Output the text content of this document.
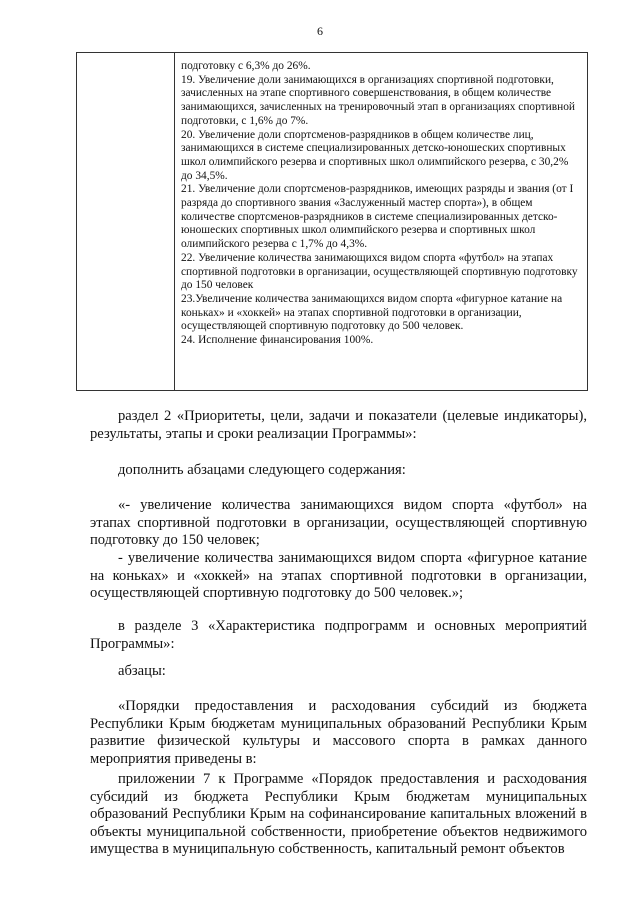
6
подготовку с 6,3% до 26%.
19. Увеличение доли занимающихся в организациях спортивной подготовки, зачисленных на этапе спортивного совершенствования, в общем количестве занимающихся, зачисленных на тренировочный этап в организациях спортивной подготовки, с 1,6% до 7%.
20. Увеличение доли спортсменов-разрядников в общем количестве лиц, занимающихся в системе специализированных детско-юношеских спортивных школ олимпийского резерва и спортивных школ олимпийского резерва, с 30,2% до 34,5%.
21. Увеличение доли спортсменов-разрядников, имеющих разряды и звания (от I разряда до спортивного звания «Заслуженный мастер спорта»), в общем количестве спортсменов-разрядников в системе специализированных детско-юношеских спортивных школ олимпийского резерва и спортивных школ олимпийского резерва с 1,7% до 4,3%.
22. Увеличение количества занимающихся видом спорта «футбол» на этапах спортивной подготовки в организации, осуществляющей спортивную подготовку до 150 человек
23.Увеличение количества занимающихся видом спорта «фигурное катание на коньках» и «хоккей» на этапах спортивной подготовки в организации, осуществляющей спортивную подготовку до 500 человек.
24. Исполнение финансирования 100%.
раздел 2 «Приоритеты, цели, задачи и показатели (целевые индикаторы), результаты, этапы и сроки реализации Программы»:
дополнить абзацами следующего содержания:
«- увеличение количества занимающихся видом спорта «футбол» на этапах спортивной подготовки в организации, осуществляющей спортивную подготовку до 150 человек;
- увеличение количества занимающихся видом спорта «фигурное катание на коньках» и «хоккей» на этапах спортивной подготовки в организации, осуществляющей спортивную подготовку до 500 человек.»;
в разделе 3 «Характеристика подпрограмм и основных мероприятий Программы»:
абзацы:
«Порядки предоставления и расходования субсидий из бюджета Республики Крым бюджетам муниципальных образований Республики Крым развитие физической культуры и массового спорта в рамках данного мероприятия приведены в:
приложении 7 к Программе «Порядок предоставления и расходования субсидий из бюджета Республики Крым бюджетам муниципальных образований Республики Крым на софинансирование капитальных вложений в объекты муниципальной собственности, приобретение объектов недвижимого имущества в муниципальную собственность, капитальный ремонт объектов
